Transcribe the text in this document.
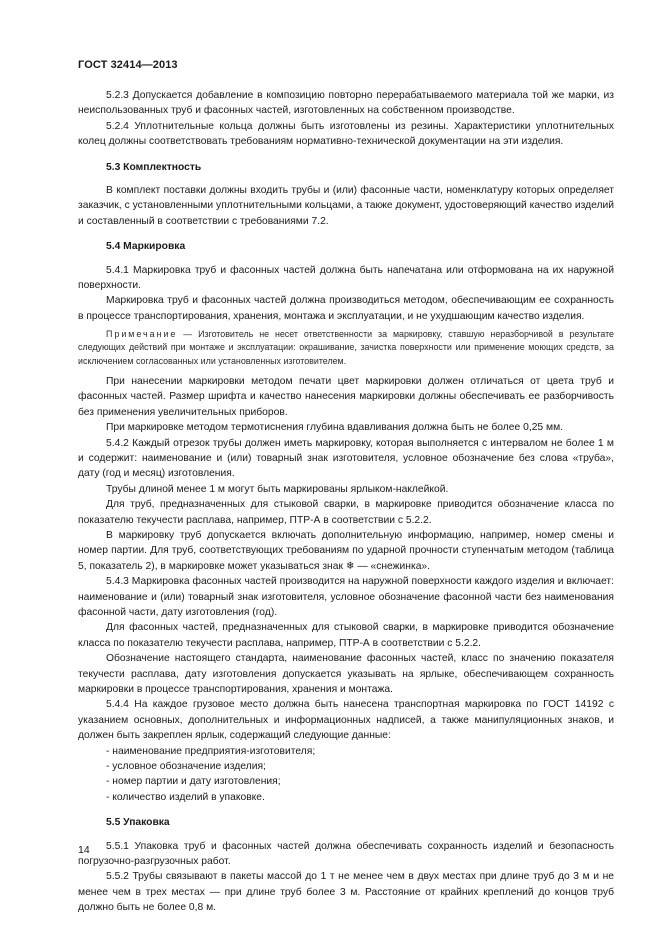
ГОСТ 32414—2013

5.2.3 Допускается добавление в композицию повторно перерабатываемого материала той же марки, из неиспользованных труб и фасонных частей, изготовленных на собственном производстве.

5.2.4 Уплотнительные кольца должны быть изготовлены из резины. Характеристики уплотнительных колец должны соответствовать требованиям нормативно-технической документации на эти изделия.

5.3 Комплектность

В комплект поставки должны входить трубы и (или) фасонные части, номенклатуру которых определяет заказчик, с установленными уплотнительными кольцами, а также документ, удостоверяющий качество изделий и составленный в соответствии с требованиями 7.2.

5.4 Маркировка

5.4.1 Маркировка труб и фасонных частей должна быть напечатана или отформована на их наружной поверхности.

Маркировка труб и фасонных частей должна производиться методом, обеспечивающим ее сохранность в процессе транспортирования, хранения, монтажа и эксплуатации, и не ухудшающим качество изделия.

Примечание — Изготовитель не несет ответственности за маркировку, ставшую неразборчивой в результате следующих действий при монтаже и эксплуатации: окрашивание, зачистка поверхности или применение моющих средств, за исключением согласованных или установленных изготовителем.

При нанесении маркировки методом печати цвет маркировки должен отличаться от цвета труб и фасонных частей. Размер шрифта и качество нанесения маркировки должны обеспечивать ее разборчивость без применения увеличительных приборов.

При маркировке методом термотиснения глубина вдавливания должна быть не более 0,25 мм.

5.4.2 Каждый отрезок трубы должен иметь маркировку, которая выполняется с интервалом не более 1 м и содержит: наименование и (или) товарный знак изготовителя, условное обозначение без слова «труба», дату (год и месяц) изготовления.

Трубы длиной менее 1 м могут быть маркированы ярлыком-наклейкой.

Для труб, предназначенных для стыковой сварки, в маркировке приводится обозначение класса по показателю текучести расплава, например, ПТР-А в соответствии с 5.2.2.

В маркировку труб допускается включать дополнительную информацию, например, номер смены и номер партии. Для труб, соответствующих требованиям по ударной прочности ступенчатым методом (таблица 5, показатель 2), в маркировке может указываться знак ❄ — «снежинка».

5.4.3 Маркировка фасонных частей производится на наружной поверхности каждого изделия и включает: наименование и (или) товарный знак изготовителя, условное обозначение фасонной части без наименования фасонной части, дату изготовления (год).

Для фасонных частей, предназначенных для стыковой сварки, в маркировке приводится обозначение класса по показателю текучести расплава, например, ПТР-А в соответствии с 5.2.2.

Обозначение настоящего стандарта, наименование фасонных частей, класс по значению показателя текучести расплава, дату изготовления допускается указывать на ярлыке, обеспечивающем сохранность маркировки в процессе транспортирования, хранения и монтажа.

5.4.4 На каждое грузовое место должна быть нанесена транспортная маркировка по ГОСТ 14192 с указанием основных, дополнительных и информационных надписей, а также манипуляционных знаков, и должен быть закреплен ярлык, содержащий следующие данные:

- наименование предприятия-изготовителя;

- условное обозначение изделия;

- номер партии и дату изготовления;

- количество изделий в упаковке.

5.5 Упаковка

5.5.1 Упаковка труб и фасонных частей должна обеспечивать сохранность изделий и безопасность погрузочно-разгрузочных работ.

5.5.2 Трубы связывают в пакеты массой до 1 т не менее чем в двух местах при длине труб до 3 м и не менее чем в трех местах — при длине труб более 3 м. Расстояние от крайних креплений до концов труб должно быть не более 0,8 м.

14
